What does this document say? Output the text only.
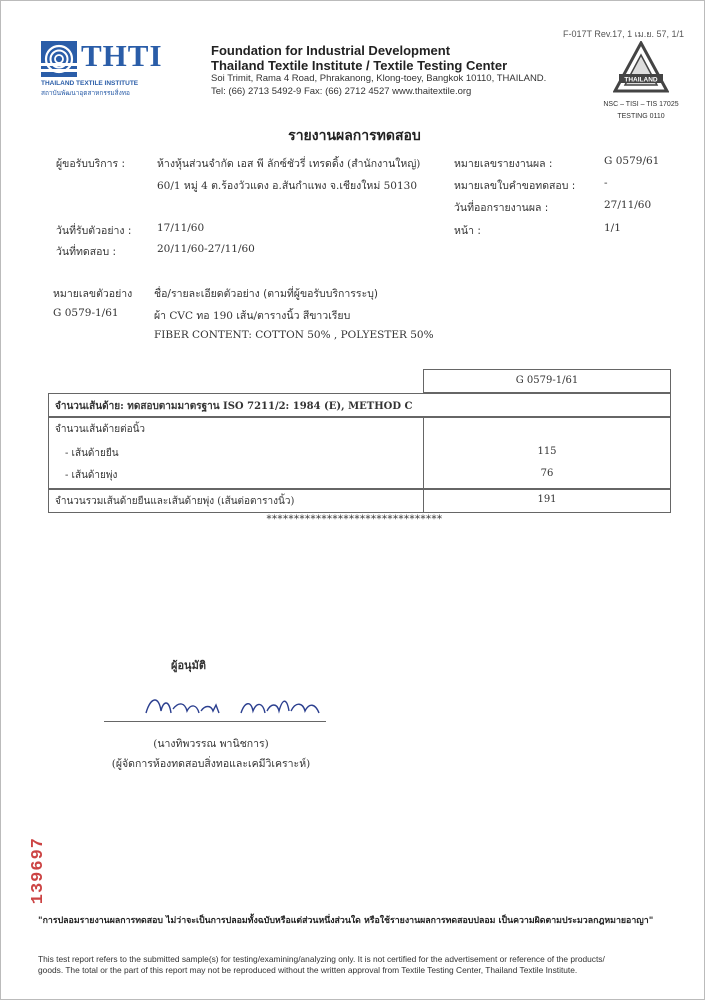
F-017T Rev.17, 1 เม.ย. 57, 1/1
THTI
THAILAND TEXTILE INSTITUTE
สถาบันพัฒนาอุตสาหกรรมสิ่งทอ
Foundation for Industrial Development
Thailand Textile Institute / Textile Testing Center
Soi Trimit, Rama 4 Road, Phrakanong, Klong-toey, Bangkok 10110, THAILAND.
Tel: (66) 2713 5492-9 Fax: (66) 2712 4527 www.thaitextile.org
THAILAND
NSC – TISI – TIS 17025
TESTING 0110
รายงานผลการทดสอบ
ผู้ขอรับบริการ :	ห้างหุ้นส่วนจำกัด เอส พี ลักซ์ชัวรี่ เทรดดิ้ง (สำนักงานใหญ่)
60/1 หมู่ 4 ต.ร้องวัวแดง อ.สันกำแพง จ.เชียงใหม่ 50130
หมายเลขรายงานผล :	G 0579/61
หมายเลขใบคำขอทดสอบ :	-
วันที่ออกรายงานผล :	27/11/60
หน้า :	1/1
วันที่รับตัวอย่าง : 17/11/60
วันที่ทดสอบ :	20/11/60-27/11/60
หมายเลขตัวอย่าง
G 0579-1/61
ชื่อ/รายละเอียดตัวอย่าง (ตามที่ผู้ขอรับบริการระบุ)
ผ้า CVC ทอ 190 เส้น/ตารางนิ้ว สีขาวเรียบ
FIBER CONTENT: COTTON 50% , POLYESTER 50%
G 0579-1/61
จำนวนเส้นด้าย: ทดสอบตามมาตรฐาน ISO 7211/2: 1984 (E), METHOD C
จำนวนเส้นด้ายต่อนิ้ว
- เส้นด้ายยืน	115
- เส้นด้ายพุ่ง	76
จำนวนรวมเส้นด้ายยืนและเส้นด้ายพุ่ง (เส้นต่อตารางนิ้ว)	191
********************************
ผู้อนุมัติ
(นางทิพวรรณ พานิชการ)
(ผู้จัดการห้องทดสอบสิ่งทอและเคมีวิเคราะห์)
139697
"การปลอมรายงานผลการทดสอบ ไม่ว่าจะเป็นการปลอมทั้งฉบับหรือแต่ส่วนหนึ่งส่วนใด หรือใช้รายงานผลการทดสอบปลอม เป็นความผิดตามประมวลกฎหมายอาญา"
This test report refers to the submitted sample(s) for testing/examining/analyzing only. It is not certified for the advertisement or reference of the products/
goods. The total or the part of this report may not be reproduced without the written approval from Textile Testing Center, Thailand Textile Institute.
